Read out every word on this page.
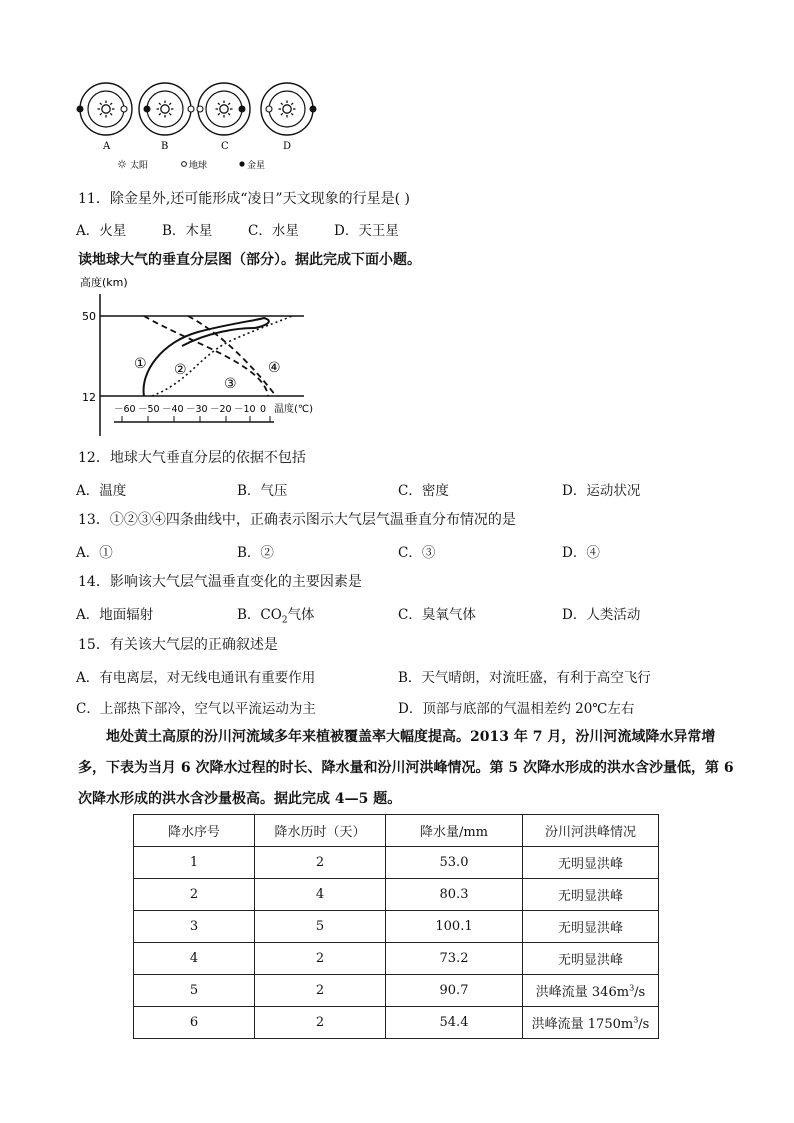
A	B	C	D
太阳	地球	金星
11．除金星外,还可能形成“凌日”天文现象的行星是( )
A．火星	B．木星	C．水星	D．天王星
读地球大气的垂直分层图（部分）。据此完成下面小题。
高度(km)
50
12
－60 －50 －40 －30 －20 －10 0 温度(℃)
① ②
③
④
12．地球大气垂直分层的依据不包括
A．温度	B．气压	C．密度	D．运动状况
13．①②③④四条曲线中，正确表示图示大气层气温垂直分布情况的是
A．①	B．②	C．③	D．④
14．影响该大气层气温垂直变化的主要因素是
A．地面辐射	B．$CO_2$气体	C．臭氧气体	D．人类活动
15．有关该大气层的正确叙述是
A．有电离层，对无线电通讯有重要作用	B．天气晴朗，对流旺盛，有利于高空飞行
C．上部热下部冷，空气以平流运动为主	D．顶部与底部的气温相差约 20℃左右
地处黄土高原的汾川河流域多年来植被覆盖率大幅度提高。2013 年 7 月，汾川河流域降水异常增多，下表为当月 6 次降水过程的时长、降水量和汾川河洪峰情况。第 5 次降水形成的洪水含沙量低，第 6 次降水形成的洪水含沙量极高。据此完成 4—5 题。
降水序号	降水历时（天）	降水量/mm	汾川河洪峰情况
1	2	53.0	无明显洪峰
2	4	80.3	无明显洪峰
3	5	100.1	无明显洪峰
4	2	73.2	无明显洪峰
5	2	90.7	洪峰流量 $346m^3/s$
6	2	54.4	洪峰流量 $1750m^3/s$
